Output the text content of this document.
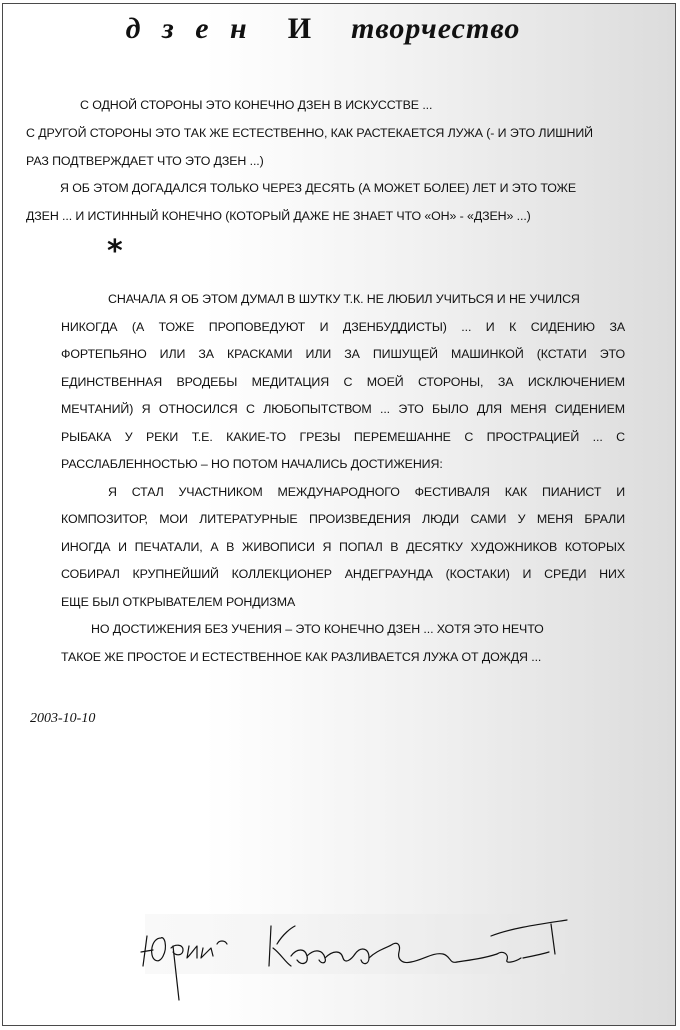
д з е н И творчество
С ОДНОЙ СТОРОНЫ ЭТО КОНЕЧНО ДЗЕН В ИСКУССТВЕ ...
С ДРУГОЙ СТОРОНЫ ЭТО ТАК ЖЕ ЕСТЕСТВЕННО, КАК РАСТЕКАЕТСЯ ЛУЖА (- И ЭТО ЛИШНИЙ
РАЗ ПОДТВЕРЖДАЕТ ЧТО ЭТО ДЗЕН ...)
Я ОБ ЭТОМ ДОГАДАЛСЯ ТОЛЬКО ЧЕРЕЗ ДЕСЯТЬ (А МОЖЕТ БОЛЕЕ) ЛЕТ И ЭТО ТОЖЕ
ДЗЕН ... И ИСТИННЫЙ КОНЕЧНО (КОТОРЫЙ ДАЖЕ НЕ ЗНАЕТ ЧТО «ОН» - «ДЗЕН» ...)
*
СНАЧАЛА Я ОБ ЭТОМ ДУМАЛ В ШУТКУ Т.К. НЕ ЛЮБИЛ УЧИТЬСЯ И НЕ УЧИЛСЯ
НИКОГДА (А ТОЖЕ ПРОПОВЕДУЮТ И ДЗЕНБУДДИСТЫ) ... И К СИДЕНИЮ ЗА
ФОРТЕПЬЯНО ИЛИ ЗА КРАСКАМИ ИЛИ ЗА ПИШУЩЕЙ МАШИНКОЙ (КСТАТИ ЭТО
ЕДИНСТВЕННАЯ ВРОДЕБЫ МЕДИТАЦИЯ С МОЕЙ СТОРОНЫ, ЗА ИСКЛЮЧЕНИЕМ
МЕЧТАНИЙ) Я ОТНОСИЛСЯ С ЛЮБОПЫТСТВОМ ... ЭТО БЫЛО ДЛЯ МЕНЯ СИДЕНИЕМ
РЫБАКА У РЕКИ Т.Е. КАКИЕ-ТО ГРЕЗЫ ПЕРЕМЕШАННЕ С ПРОСТРАЦИЕЙ ... С
РАССЛАБЛЕННОСТЬЮ – НО ПОТОМ НАЧАЛИСЬ ДОСТИЖЕНИЯ:
Я СТАЛ УЧАСТНИКОМ МЕЖДУНАРОДНОГО ФЕСТИВАЛЯ КАК ПИАНИСТ И
КОМПОЗИТОР, МОИ ЛИТЕРАТУРНЫЕ ПРОИЗВЕДЕНИЯ ЛЮДИ САМИ У МЕНЯ БРАЛИ
ИНОГДА И ПЕЧАТАЛИ, А В ЖИВОПИСИ Я ПОПАЛ В ДЕСЯТКУ ХУДОЖНИКОВ КОТОРЫХ
СОБИРАЛ КРУПНЕЙШИЙ КОЛЛЕКЦИОНЕР АНДЕГРАУНДА (КОСТАКИ) И СРЕДИ НИХ
ЕЩЕ БЫЛ ОТКРЫВАТЕЛЕМ РОНДИЗМА
НО ДОСТИЖЕНИЯ БЕЗ УЧЕНИЯ – ЭТО КОНЕЧНО ДЗЕН ... ХОТЯ ЭТО НЕЧТО
ТАКОЕ ЖЕ ПРОСТОЕ И ЕСТЕСТВЕННОЕ КАК РАЗЛИВАЕТСЯ ЛУЖА ОТ ДОЖДЯ ...
2003-10-10
